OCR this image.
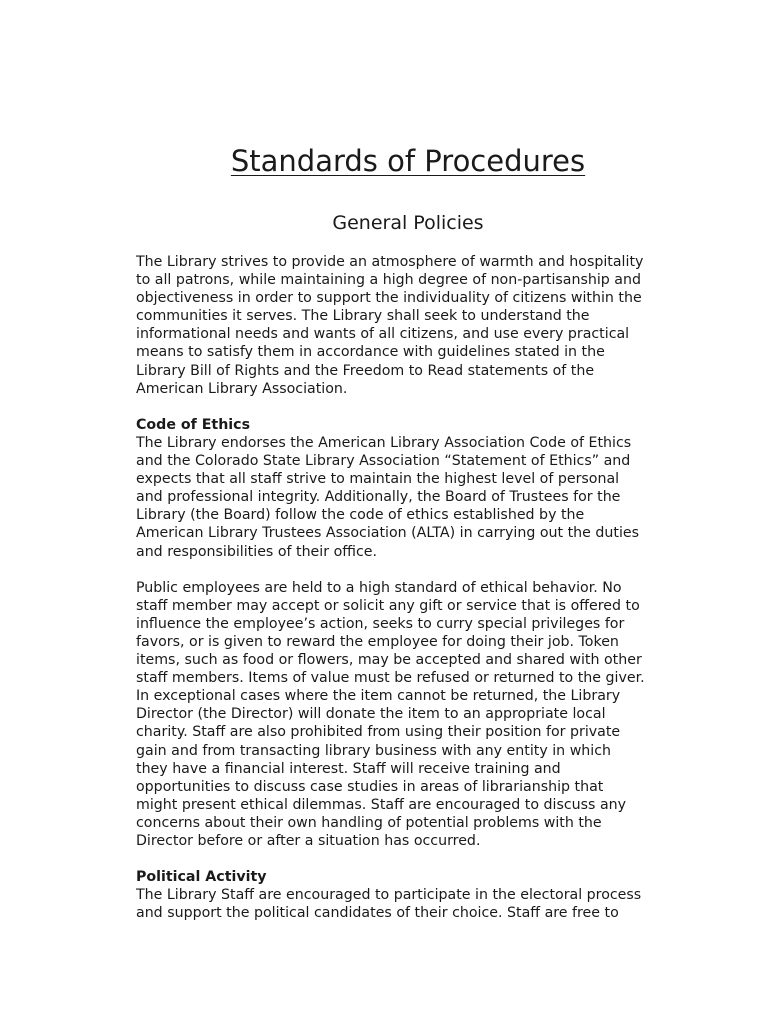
Standards of Procedures
General Policies
The Library strives to provide an atmosphere of warmth and hospitality
to all patrons, while maintaining a high degree of non-partisanship and
objectiveness in order to support the individuality of citizens within the
communities it serves. The Library shall seek to understand the
informational needs and wants of all citizens, and use every practical
means to satisfy them in accordance with guidelines stated in the
Library Bill of Rights and the Freedom to Read statements of the
American Library Association.
Code of Ethics
The Library endorses the American Library Association Code of Ethics
and the Colorado State Library Association “Statement of Ethics” and
expects that all staff strive to maintain the highest level of personal
and professional integrity. Additionally, the Board of Trustees for the
Library (the Board) follow the code of ethics established by the
American Library Trustees Association (ALTA) in carrying out the duties
and responsibilities of their office.
Public employees are held to a high standard of ethical behavior. No
staff member may accept or solicit any gift or service that is offered to
influence the employee’s action, seeks to curry special privileges for
favors, or is given to reward the employee for doing their job. Token
items, such as food or flowers, may be accepted and shared with other
staff members. Items of value must be refused or returned to the giver.
In exceptional cases where the item cannot be returned, the Library
Director (the Director) will donate the item to an appropriate local
charity. Staff are also prohibited from using their position for private
gain and from transacting library business with any entity in which
they have a financial interest. Staff will receive training and
opportunities to discuss case studies in areas of librarianship that
might present ethical dilemmas. Staff are encouraged to discuss any
concerns about their own handling of potential problems with the
Director before or after a situation has occurred.
Political Activity
The Library Staff are encouraged to participate in the electoral process
and support the political candidates of their choice. Staff are free to
